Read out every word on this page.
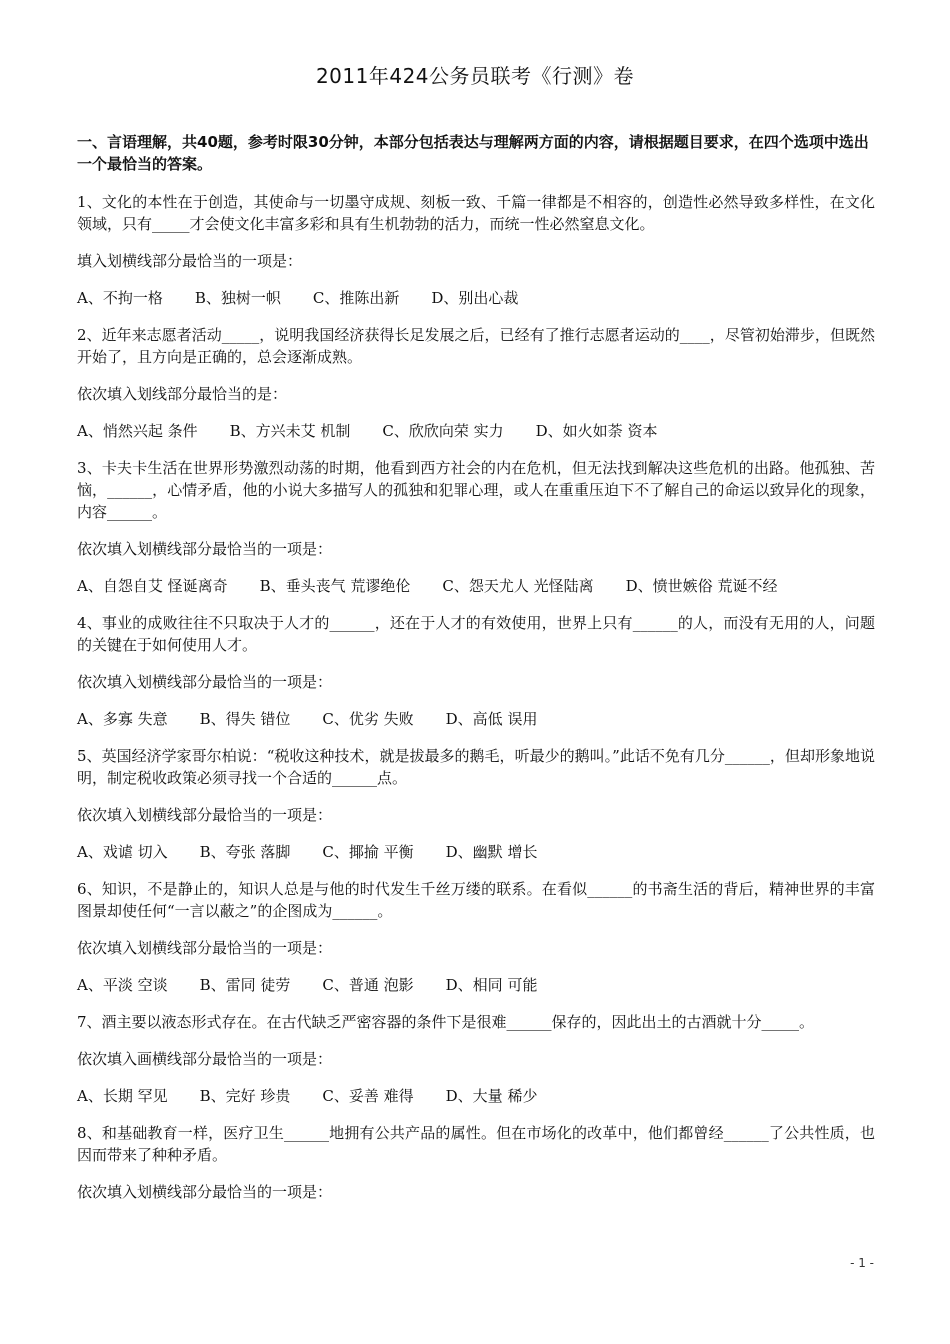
2011年424公务员联考《行测》卷

一、言语理解，共40题，参考时限30分钟，本部分包括表达与理解两方面的内容，请根据题目要求，在四个选项中选出一个最恰当的答案。

1、文化的本性在于创造，其使命与一切墨守成规、刻板一致、千篇一律都是不相容的，创造性必然导致多样性，在文化领域，只有_____才会使文化丰富多彩和具有生机勃勃的活力，而统一性必然窒息文化。

填入划横线部分最恰当的一项是：

A、不拘一格 B、独树一帜 C、推陈出新 D、别出心裁

2、近年来志愿者活动_____，说明我国经济获得长足发展之后，已经有了推行志愿者运动的____，尽管初始滞步，但既然开始了，且方向是正确的，总会逐渐成熟。

依次填入划线部分最恰当的是：

A、悄然兴起 条件 B、方兴未艾 机制 C、欣欣向荣 实力 D、如火如荼 资本

3、卡夫卡生活在世界形势激烈动荡的时期，他看到西方社会的内在危机，但无法找到解决这些危机的出路。他孤独、苦恼，______，心情矛盾，他的小说大多描写人的孤独和犯罪心理，或人在重重压迫下不了解自己的命运以致异化的现象，内容______。

依次填入划横线部分最恰当的一项是：

A、自怨自艾 怪诞离奇 B、垂头丧气 荒谬绝伦 C、怨天尤人 光怪陆离 D、愤世嫉俗 荒诞不经

4、事业的成败往往不只取决于人才的______，还在于人才的有效使用，世界上只有______的人，而没有无用的人，问题的关键在于如何使用人才。

依次填入划横线部分最恰当的一项是：

A、多寡 失意 B、得失 错位 C、优劣 失败 D、高低 误用

5、英国经济学家哥尔柏说：“税收这种技术，就是拔最多的鹅毛，听最少的鹅叫。”此话不免有几分______，但却形象地说明，制定税收政策必须寻找一个合适的______点。

依次填入划横线部分最恰当的一项是：

A、戏谑 切入 B、夸张 落脚 C、揶揄 平衡 D、幽默 增长

6、知识，不是静止的，知识人总是与他的时代发生千丝万缕的联系。在看似______的书斋生活的背后，精神世界的丰富图景却使任何“一言以蔽之”的企图成为______。

依次填入划横线部分最恰当的一项是：

A、平淡 空谈 B、雷同 徒劳 C、普通 泡影 D、相同 可能

7、酒主要以液态形式存在。在古代缺乏严密容器的条件下是很难______保存的，因此出土的古酒就十分_____。

依次填入画横线部分最恰当的一项是：

A、长期 罕见 B、完好 珍贵 C、妥善 难得 D、大量 稀少

8、和基础教育一样，医疗卫生______地拥有公共产品的属性。但在市场化的改革中，他们都曾经______了公共性质，也因而带来了种种矛盾。

依次填入划横线部分最恰当的一项是：

- 1 -
